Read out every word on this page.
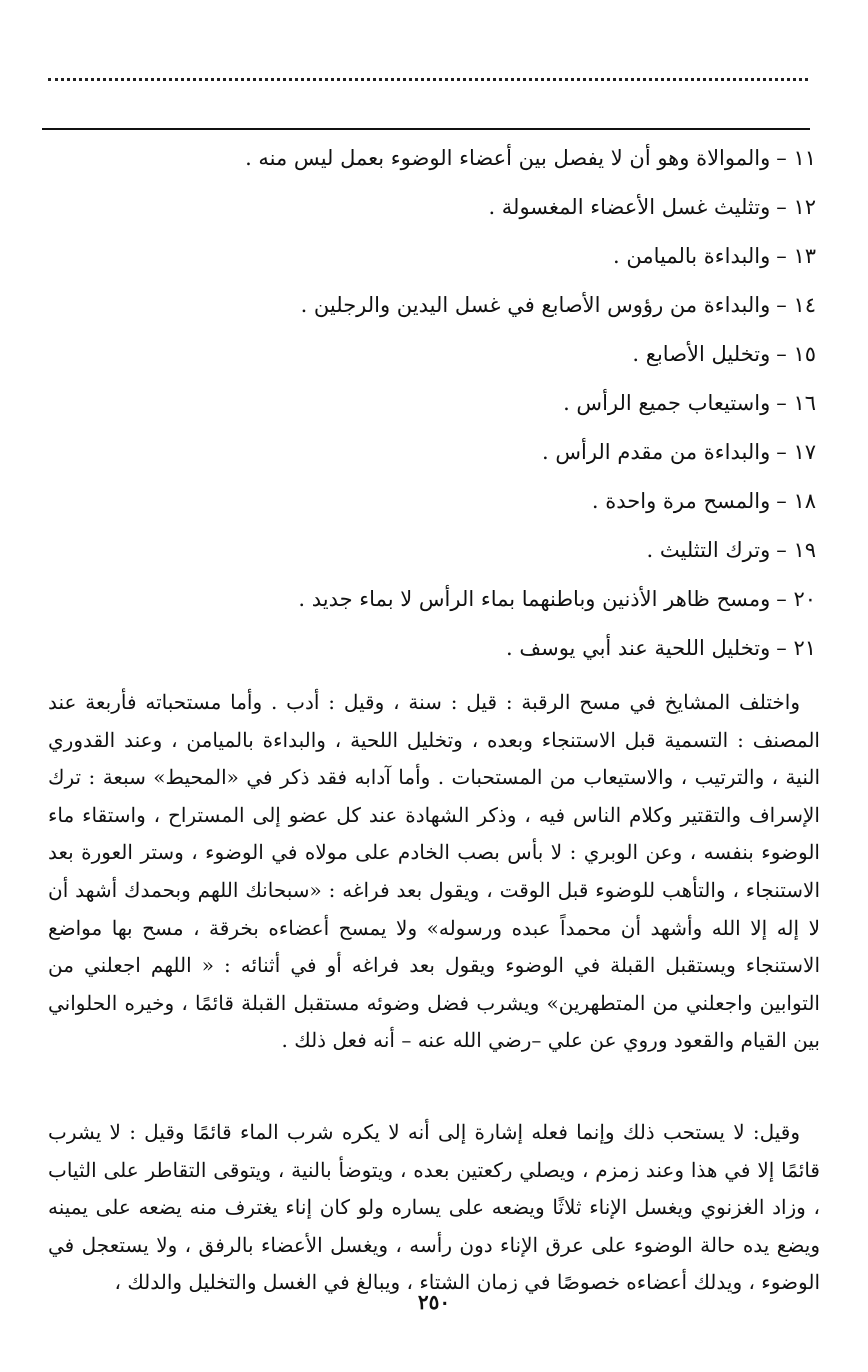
١١ –والموالاة وهو أن لا يفصل بين أعضاء الوضوء بعمل ليس منه .
١٢ –وتثليث غسل الأعضاء المغسولة .
١٣ –والبداءة بالميامن .
١٤ –والبداءة من رؤوس الأصابع في غسل اليدين والرجلين .
١٥ –وتخليل الأصابع .
١٦ –واستيعاب جميع الرأس .
١٧ –والبداءة من مقدم الرأس .
١٨ –والمسح مرة واحدة .
١٩ –وترك التثليث .
٢٠ –ومسح ظاهر الأذنين وباطنهما بماء الرأس لا بماء جديد .
٢١ –وتخليل اللحية عند أبي يوسف .

واختلف المشايخ في مسح الرقبة : قيل : سنة ، وقيل : أدب . وأما مستحباته فأربعة عند المصنف : التسمية قبل الاستنجاء وبعده ، وتخليل اللحية ، والبداءة بالميامن ، وعند القدوري النية ، والترتيب ، والاستيعاب من المستحبات . وأما آدابه فقد ذكر في «المحيط» سبعة : ترك الإسراف والتقتير وكلام الناس فيه ، وذكر الشهادة عند كل عضو إلى المستراح ، واستقاء ماء الوضوء بنفسه ، وعن الوبري : لا بأس بصب الخادم على مولاه في الوضوء ، وستر العورة بعد الاستنجاء ، والتأهب للوضوء قبل الوقت ، ويقول بعد فراغه : «سبحانك اللهم وبحمدك أشهد أن لا إله إلا الله وأشهد أن محمداً عبده ورسوله» ولا يمسح أعضاءه بخرقة ، مسح بها مواضع الاستنجاء ويستقبل القبلة في الوضوء ويقول بعد فراغه أو في أثنائه : « اللهم اجعلني من التوابين واجعلني من المتطهرين» ويشرب فضل وضوئه مستقبل القبلة قائمًا ، وخيره الحلواني بين القيام والقعود وروي عن علي –رضي الله عنه – أنه فعل ذلك .

وقيل: لا يستحب ذلك وإنما فعله إشارة إلى أنه لا يكره شرب الماء قائمًا وقيل : لا يشرب قائمًا إلا في هذا وعند زمزم ، ويصلي ركعتين بعده ، ويتوضأ بالنية ، ويتوقى التقاطر على الثياب ، وزاد الغزنوي ويغسل الإناء ثلاثًا ويضعه على يساره ولو كان إناء يغترف منه يضعه على يمينه ويضع يده حالة الوضوء على عرق الإناء دون رأسه ، ويغسل الأعضاء بالرفق ، ولا يستعجل في الوضوء ، ويدلك أعضاءه خصوصًا في زمان الشتاء ، ويبالغ في الغسل والتخليل والدلك ،

٢٥٠
